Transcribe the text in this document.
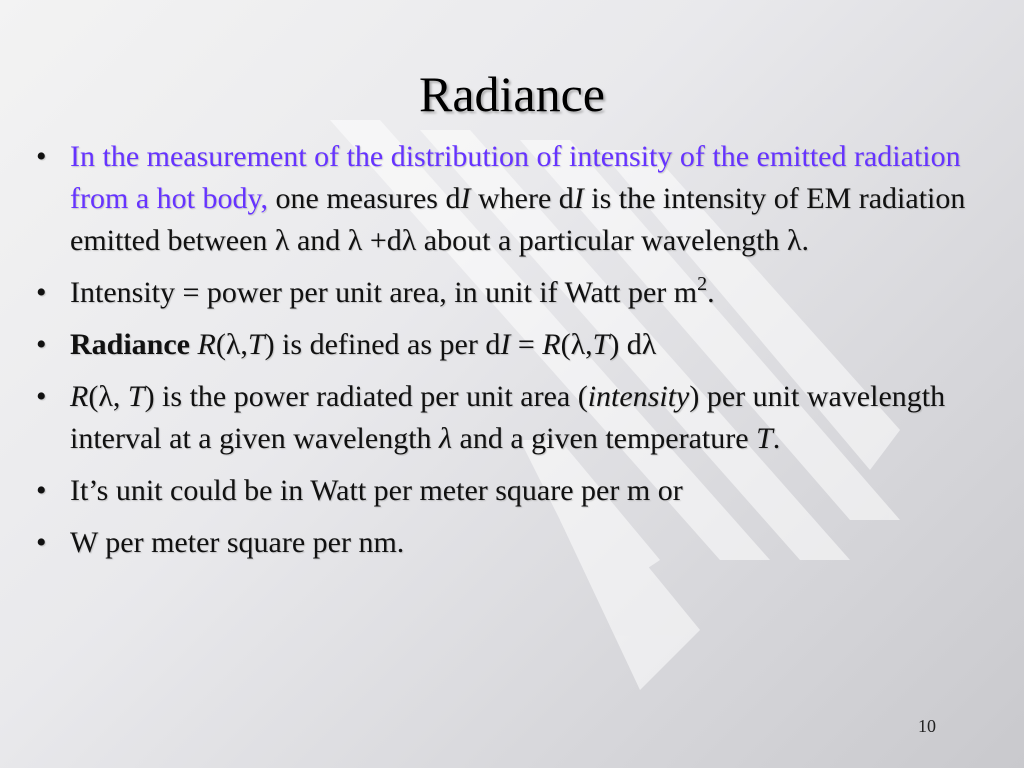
Radiance
• In the measurement of the distribution of intensity of the emitted radiation from a hot body, one measures dI where dI is the intensity of EM radiation emitted between λ and λ +dλ about a particular wavelength λ.
• Intensity = power per unit area, in unit if Watt per $m^2$.
• Radiance R(λ,T) is defined as per dI = R(λ,T) dλ
• R(λ, T) is the power radiated per unit area (intensity) per unit wavelength interval at a given wavelength λ and a given temperature T.
• It’s unit could be in Watt per meter square per m or
• W per meter square per nm.
10
